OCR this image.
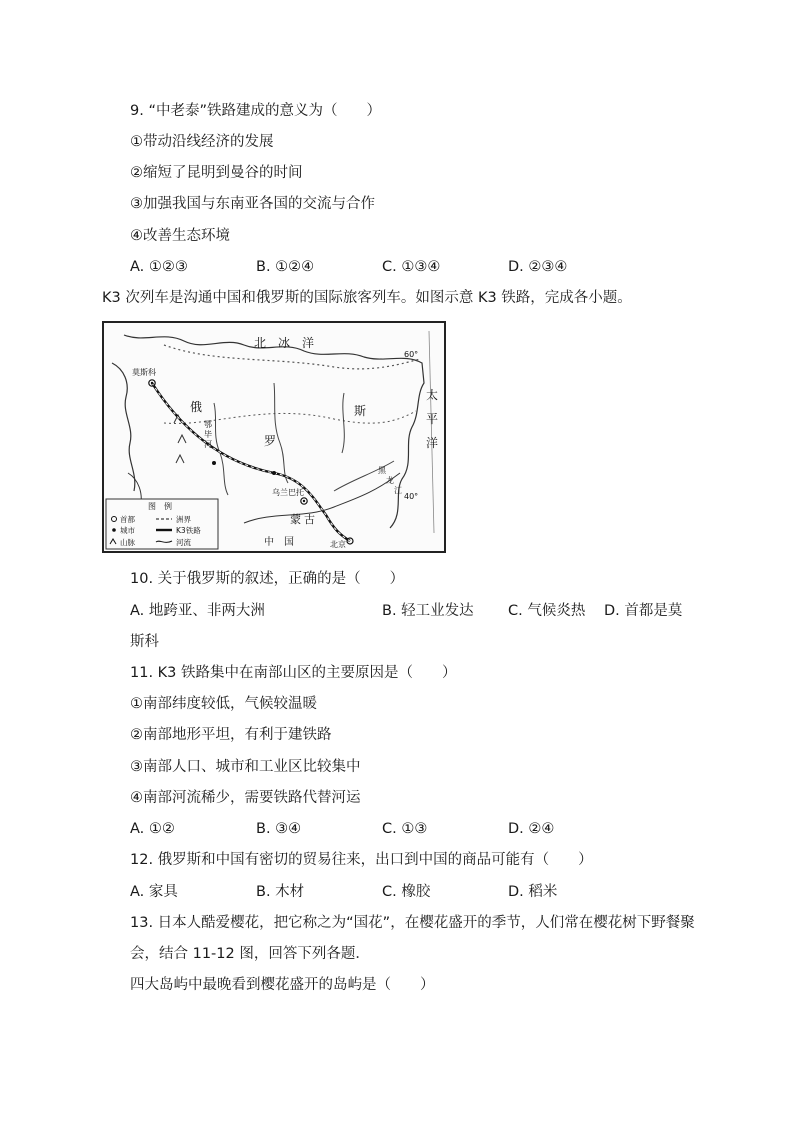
9. “中老泰”铁路建成的意义为（　　）
①带动沿线经济的发展
②缩短了昆明到曼谷的时间
③加强我国与东南亚各国的交流与合作
④改善生态环境
A. ①②③	B. ①②④	C. ①③④	D. ②③④
K3 次列车是沟通中国和俄罗斯的国际旅客列车。如图示意 K3 铁路，完成各小题。
北　冰　洋
太
平
洋
俄
罗
斯
蒙 古
乌兰巴托
中　国	北京
莫斯科
60°
40°
鄂
毕
河
黑
龙
江
图　例
首都
城市
山脉
洲界
K3铁路
河流
10. 关于俄罗斯的叙述，正确的是（　　）
A. 地跨亚、非两大洲	B. 轻工业发达 C. 气候炎热 D. 首都是莫
斯科
11. K3 铁路集中在南部山区的主要原因是（　　）
①南部纬度较低，气候较温暖
②南部地形平坦，有利于建铁路
③南部人口、城市和工业区比较集中
④南部河流稀少，需要铁路代替河运
A. ①②	B. ③④	C. ①③	D. ②④
12. 俄罗斯和中国有密切的贸易往来，出口到中国的商品可能有（　　）
A. 家具	B. 木材	C. 橡胶	D. 稻米
13. 日本人酷爱樱花，把它称之为“国花”，在樱花盛开的季节，人们常在樱花树下野餐聚
会，结合 11-12 图，回答下列各题．
四大岛屿中最晚看到樱花盛开的岛屿是（　　）
